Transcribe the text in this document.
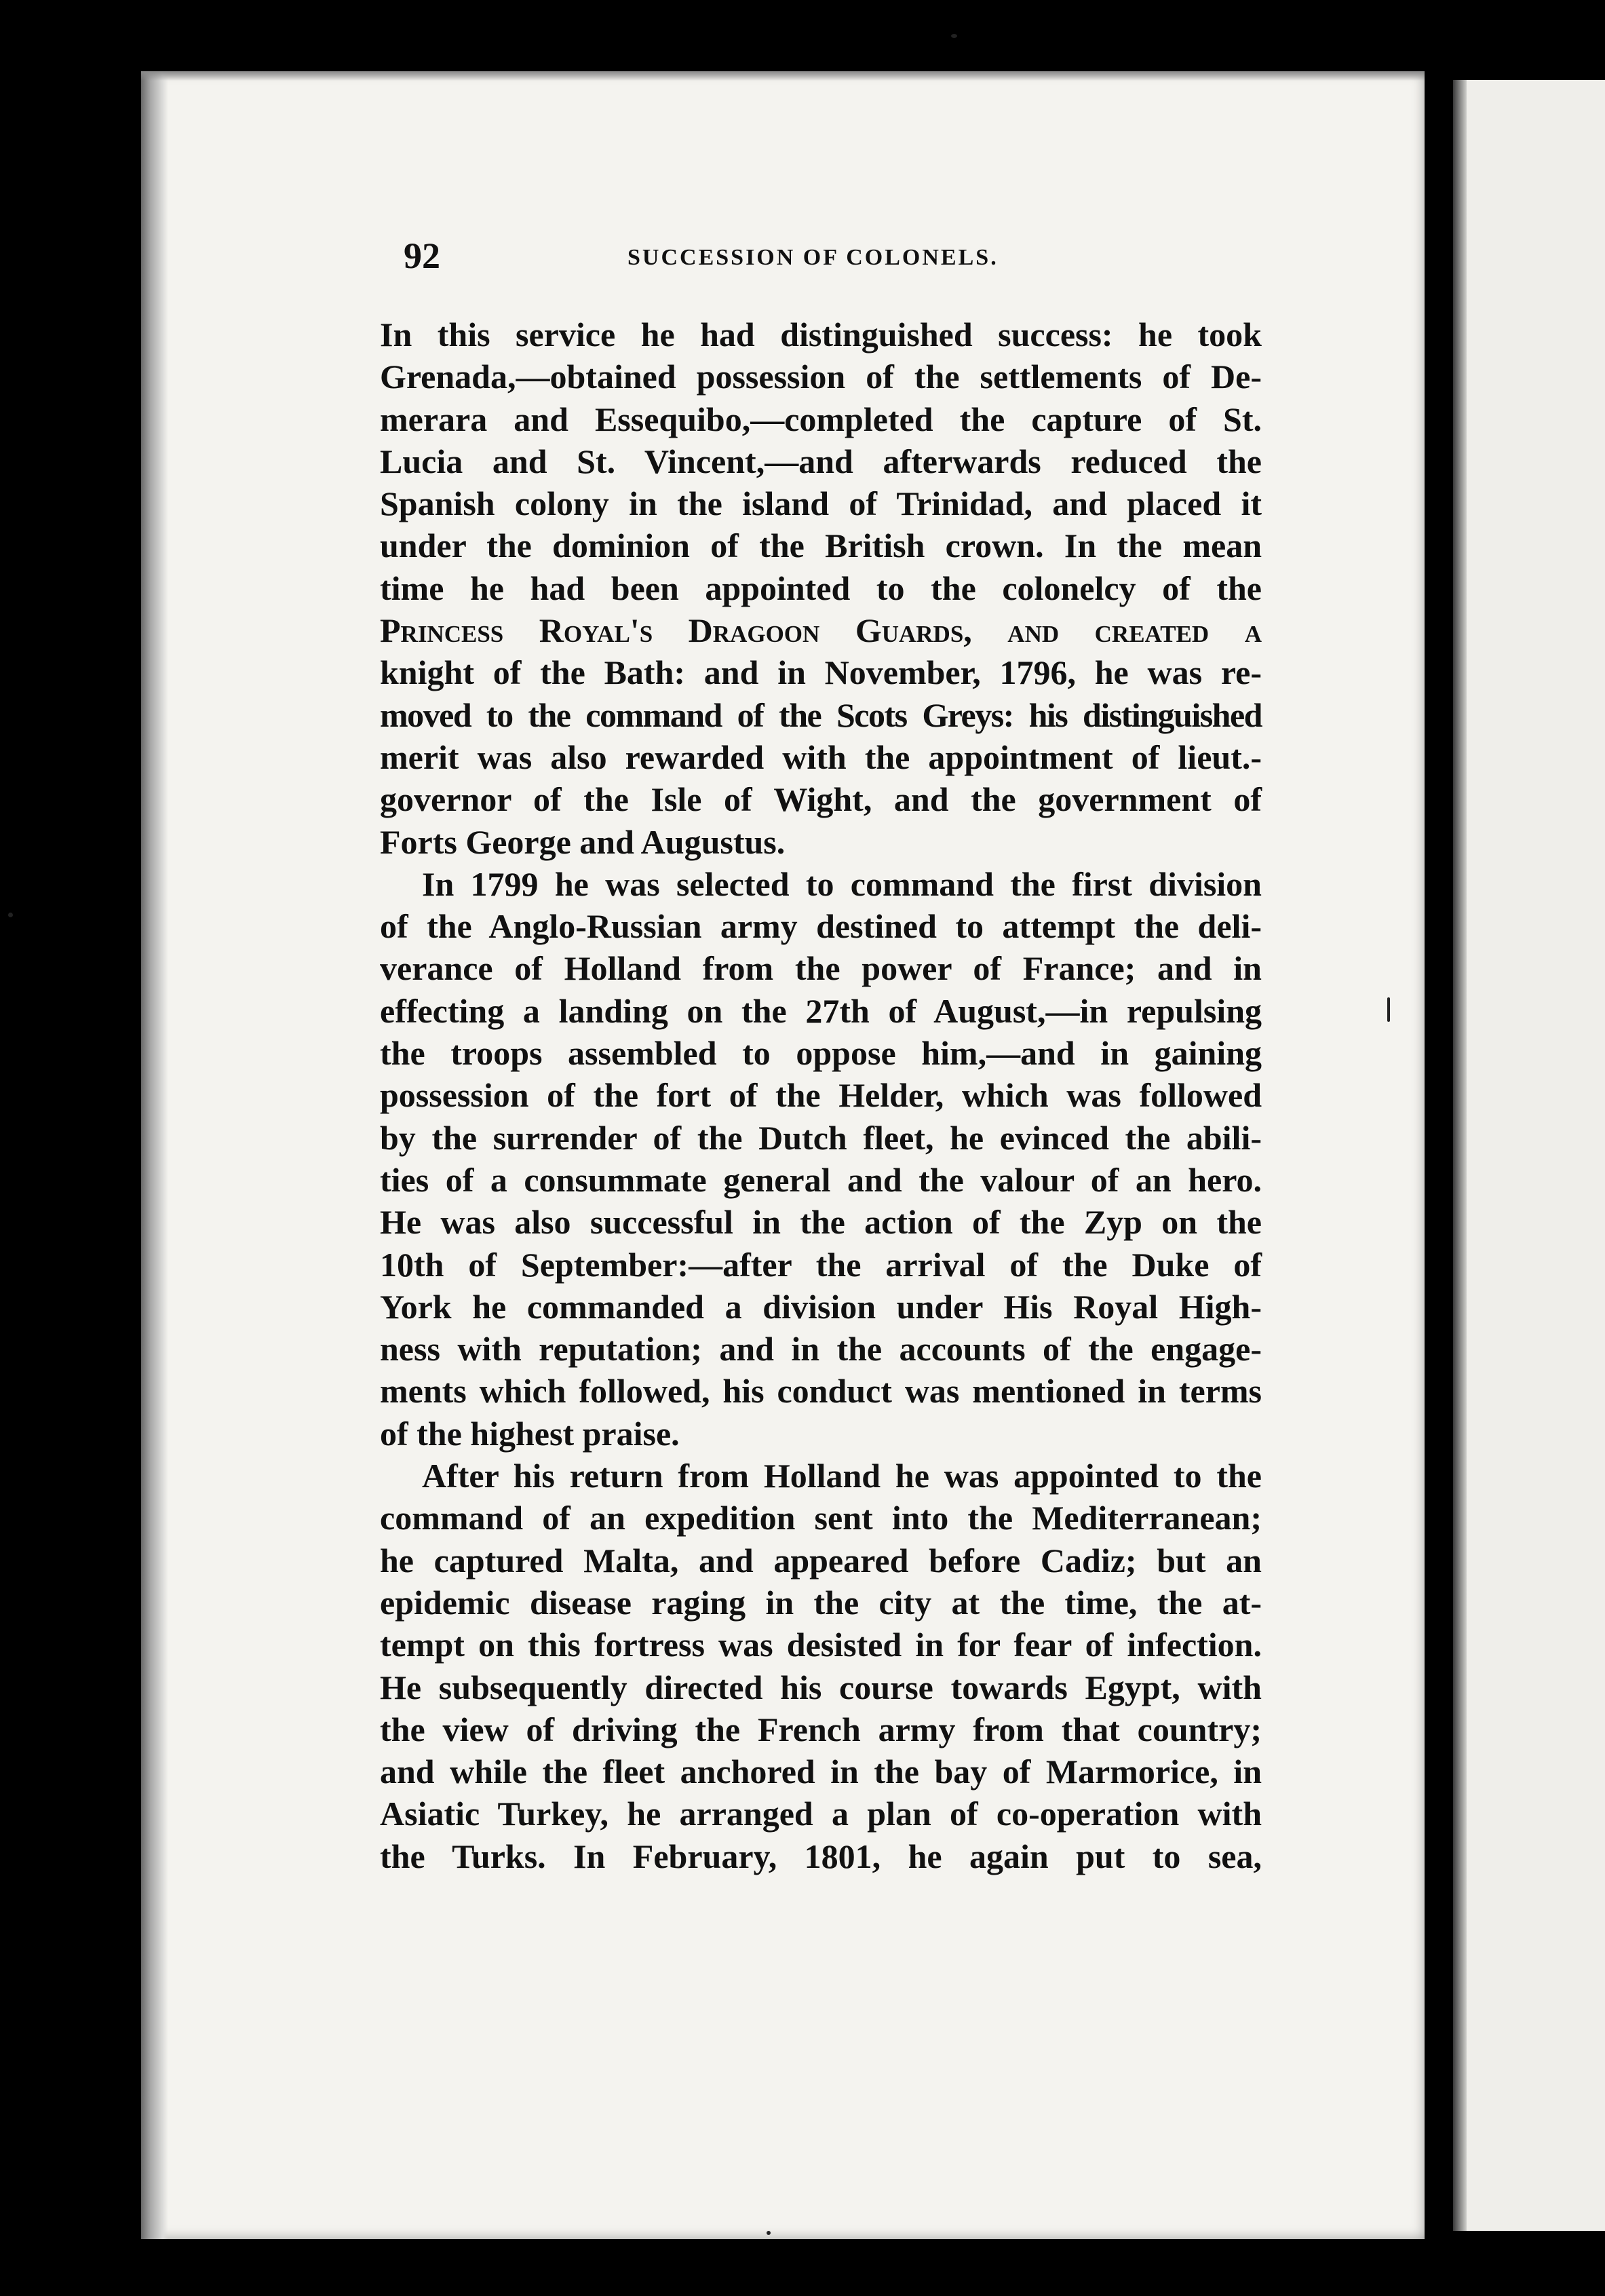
92	SUCCESSION OF COLONELS.
In this service he had distinguished success: he took
Grenada,—obtained possession of the settlements of De-
merara and Essequibo,—completed the capture of St.
Lucia and St. Vincent,—and afterwards reduced the
Spanish colony in the island of Trinidad, and placed it
under the dominion of the British crown. In the mean
time he had been appointed to the colonelcy of the
Princess Royal's Dragoon Guards, and created a
knight of the Bath: and in November, 1796, he was re-
moved to the command of the Scots Greys: his distinguished
merit was also rewarded with the appointment of lieut.-
governor of the Isle of Wight, and the government of
Forts George and Augustus.
In 1799 he was selected to command the first division
of the Anglo-Russian army destined to attempt the deli-
verance of Holland from the power of France; and in
effecting a landing on the 27th of August,—in repulsing
the troops assembled to oppose him,—and in gaining
possession of the fort of the Helder, which was followed
by the surrender of the Dutch fleet, he evinced the abili-
ties of a consummate general and the valour of an hero.
He was also successful in the action of the Zyp on the
10th of September:—after the arrival of the Duke of
York he commanded a division under His Royal High-
ness with reputation; and in the accounts of the engage-
ments which followed, his conduct was mentioned in terms
of the highest praise.
After his return from Holland he was appointed to the
command of an expedition sent into the Mediterranean;
he captured Malta, and appeared before Cadiz; but an
epidemic disease raging in the city at the time, the at-
tempt on this fortress was desisted in for fear of infection.
He subsequently directed his course towards Egypt, with
the view of driving the French army from that country;
and while the fleet anchored in the bay of Marmorice, in
Asiatic Turkey, he arranged a plan of co-operation with
the Turks. In February, 1801, he again put to sea,
